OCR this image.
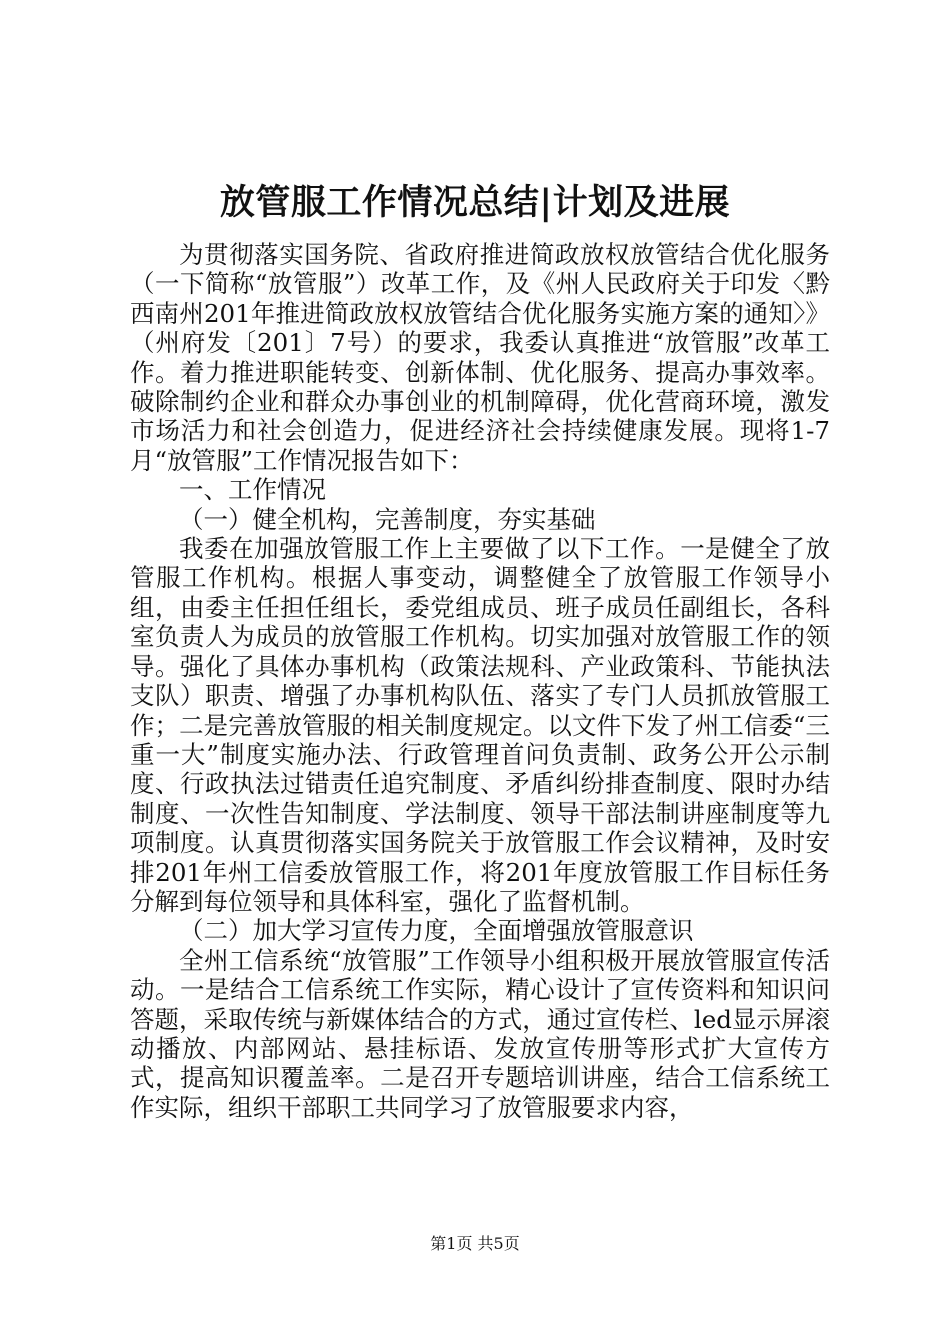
放管服工作情况总结|计划及进展

为贯彻落实国务院、省政府推进简政放权放管结合优化服务（一下简称“放管服”）改革工作，及《州人民政府关于印发〈黔西南州201年推进简政放权放管结合优化服务实施方案的通知〉》（州府发〔201〕7号）的要求，我委认真推进“放管服”改革工作。着力推进职能转变、创新体制、优化服务、提高办事效率。破除制约企业和群众办事创业的机制障碍，优化营商环境，激发市场活力和社会创造力，促进经济社会持续健康发展。现将1-7月“放管服”工作情况报告如下：

一、工作情况

（一）健全机构，完善制度，夯实基础

我委在加强放管服工作上主要做了以下工作。一是健全了放管服工作机构。根据人事变动，调整健全了放管服工作领导小组，由委主任担任组长，委党组成员、班子成员任副组长，各科室负责人为成员的放管服工作机构。切实加强对放管服工作的领导。强化了具体办事机构（政策法规科、产业政策科、节能执法支队）职责、增强了办事机构队伍、落实了专门人员抓放管服工作；二是完善放管服的相关制度规定。以文件下发了州工信委“三重一大”制度实施办法、行政管理首问负责制、政务公开公示制度、行政执法过错责任追究制度、矛盾纠纷排查制度、限时办结制度、一次性告知制度、学法制度、领导干部法制讲座制度等九项制度。认真贯彻落实国务院关于放管服工作会议精神，及时安排201年州工信委放管服工作，将201年度放管服工作目标任务分解到每位领导和具体科室，强化了监督机制。

（二）加大学习宣传力度，全面增强放管服意识

全州工信系统“放管服”工作领导小组积极开展放管服宣传活动。一是结合工信系统工作实际，精心设计了宣传资料和知识问答题，采取传统与新媒体结合的方式，通过宣传栏、led显示屏滚动播放、内部网站、悬挂标语、发放宣传册等形式扩大宣传方式，提高知识覆盖率。二是召开专题培训讲座，结合工信系统工作实际，组织干部职工共同学习了放管服要求内容，

第1页 共5页
